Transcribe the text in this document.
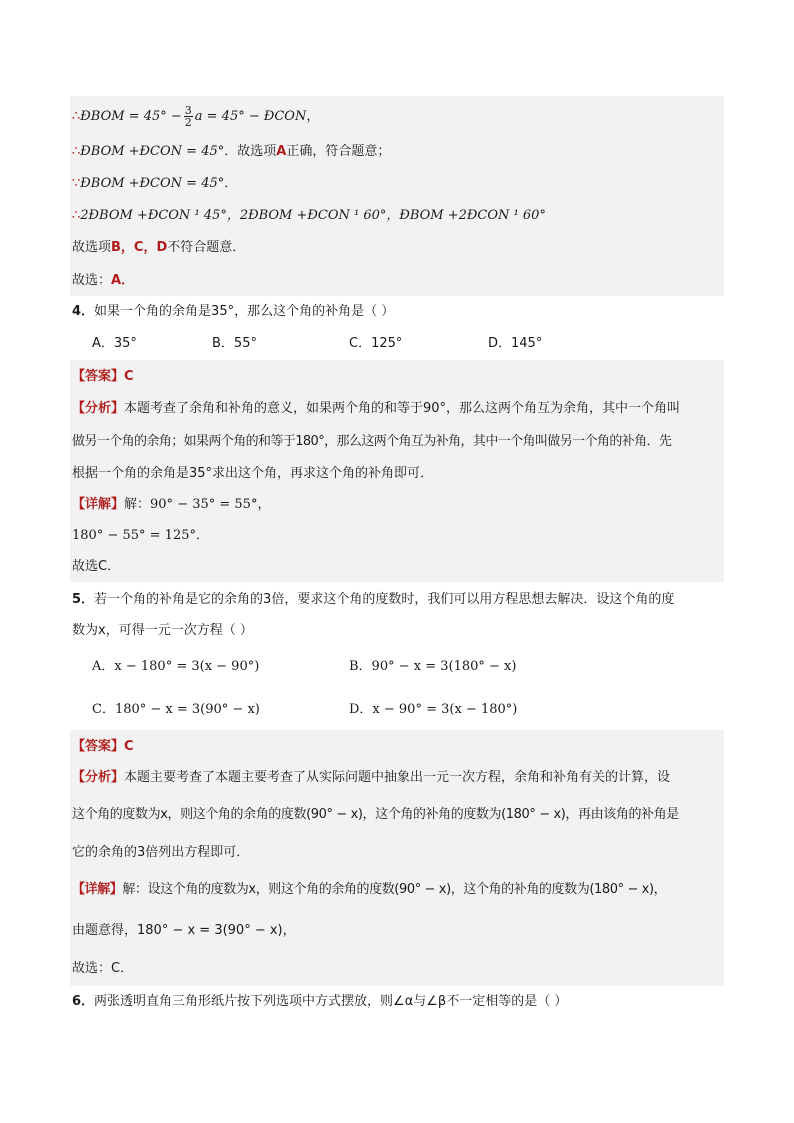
∴ÐBOM = $45^\circ - \frac{3}{2}$ a = 45° − ÐCON，
∴ÐBOM +ÐCON = 45°．故选项A正确，符合题意；
∵ÐBOM +ÐCON = 45°．
∴2ÐBOM +ÐCON ¹ 45°，2ÐBOM +ÐCON ¹ 60°，ÐBOM +2ÐCON ¹ 60°
故选项B，C，D不符合题意．
故选：A．
4．如果一个角的余角是35°，那么这个角的补角是（ ）
A．35°	B．55°	C．125°	D．145°
【答案】C
【分析】本题考查了余角和补角的意义，如果两个角的和等于90°，那么这两个角互为余角，其中一个角叫
做另一个角的余角；如果两个角的和等于180°，那么这两个角互为补角，其中一个角叫做另一个角的补角．先
根据一个角的余角是35°求出这个角，再求这个角的补角即可．
【详解】解：90° − 35° = 55°，
180° − 55° = 125°．
故选C．
5．若一个角的补角是它的余角的3倍，要求这个角的度数时，我们可以用方程思想去解决．设这个角的度
数为x，可得一元一次方程（ ）
A．x − 180° = 3(x − 90°)	B．90° − x = 3(180° − x)
C．180° − x = 3(90° − x)	D．x − 90° = 3(x − 180°)
【答案】C
【分析】本题主要考查了本题主要考查了从实际问题中抽象出一元一次方程，余角和补角有关的计算，设
这个角的度数为x，则这个角的余角的度数(90° − x)，这个角的补角的度数为(180° − x)，再由该角的补角是
它的余角的3倍列出方程即可．
【详解】解：设这个角的度数为x，则这个角的余角的度数(90° − x)，这个角的补角的度数为(180° − x)，
由题意得，180° − x = 3(90° − x)，
故选：C．
6．两张透明直角三角形纸片按下列选项中方式摆放，则∠α与∠β不一定相等的是（ ）
